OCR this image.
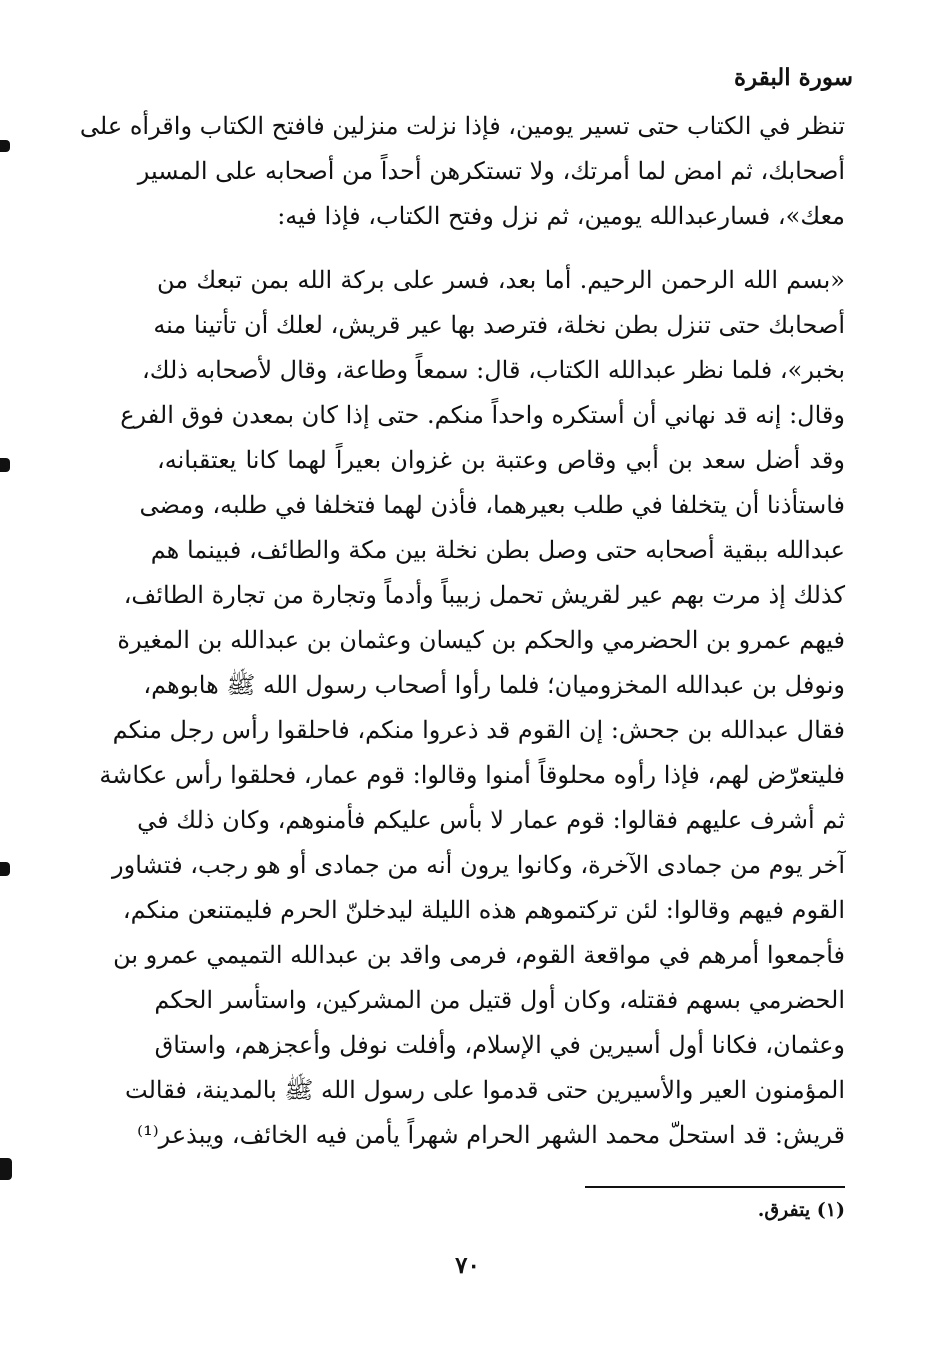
سورة البقرة
تنظر في الكتاب حتى تسير يومين، فإذا نزلت منزلين فافتح الكتاب واقرأه على
أصحابك، ثم امض لما أمرتك، ولا تستكرهن أحداً من أصحابه على المسير
معك»، فسارعبدالله يومين، ثم نزل وفتح الكتاب، فإذا فيه:
«بسم الله الرحمن الرحيم. أما بعد، فسر على بركة الله بمن تبعك من
أصحابك حتى تنزل بطن نخلة، فترصد بها عير قريش، لعلك أن تأتينا منه
بخبر»، فلما نظر عبدالله الكتاب، قال: سمعاً وطاعة، وقال لأصحابه ذلك،
وقال: إنه قد نهاني أن أستكره واحداً منكم. حتى إذا كان بمعدن فوق الفرع
وقد أضل سعد بن أبي وقاص وعتبة بن غزوان بعيراً لهما كانا يعتقبانه،
فاستأذنا أن يتخلفا في طلب بعيرهما، فأذن لهما فتخلفا في طلبه، ومضى
عبدالله ببقية أصحابه حتى وصل بطن نخلة بين مكة والطائف، فبينما هم
كذلك إذ مرت بهم عير لقريش تحمل زبيباً وأدماً وتجارة من تجارة الطائف،
فيهم عمرو بن الحضرمي والحكم بن كيسان وعثمان بن عبدالله بن المغيرة
ونوفل بن عبدالله المخزوميان؛ فلما رأوا أصحاب رسول الله ﷺ هابوهم،
فقال عبدالله بن جحش: إن القوم قد ذعروا منكم، فاحلقوا رأس رجل منكم
فليتعرّض لهم، فإذا رأوه محلوقاً أمنوا وقالوا: قوم عمار، فحلقوا رأس عكاشة
ثم أشرف عليهم فقالوا: قوم عمار لا بأس عليكم فأمنوهم، وكان ذلك في
آخر يوم من جمادى الآخرة، وكانوا يرون أنه من جمادى أو هو رجب، فتشاور
القوم فيهم وقالوا: لئن تركتموهم هذه الليلة ليدخلنّ الحرم فليمتنعن منكم،
فأجمعوا أمرهم في مواقعة القوم، فرمى واقد بن عبدالله التميمي عمرو بن
الحضرمي بسهم فقتله، وكان أول قتيل من المشركين، واستأسر الحكم
وعثمان، فكانا أول أسيرين في الإسلام، وأفلت نوفل وأعجزهم، واستاق
المؤمنون العير والأسيرين حتى قدموا على رسول الله ﷺ بالمدينة، فقالت
قريش: قد استحلّ محمد الشهر الحرام شهراً يأمن فيه الخائف، ويبذعر⁽¹⁾
(١) يتفرق.
٧٠
